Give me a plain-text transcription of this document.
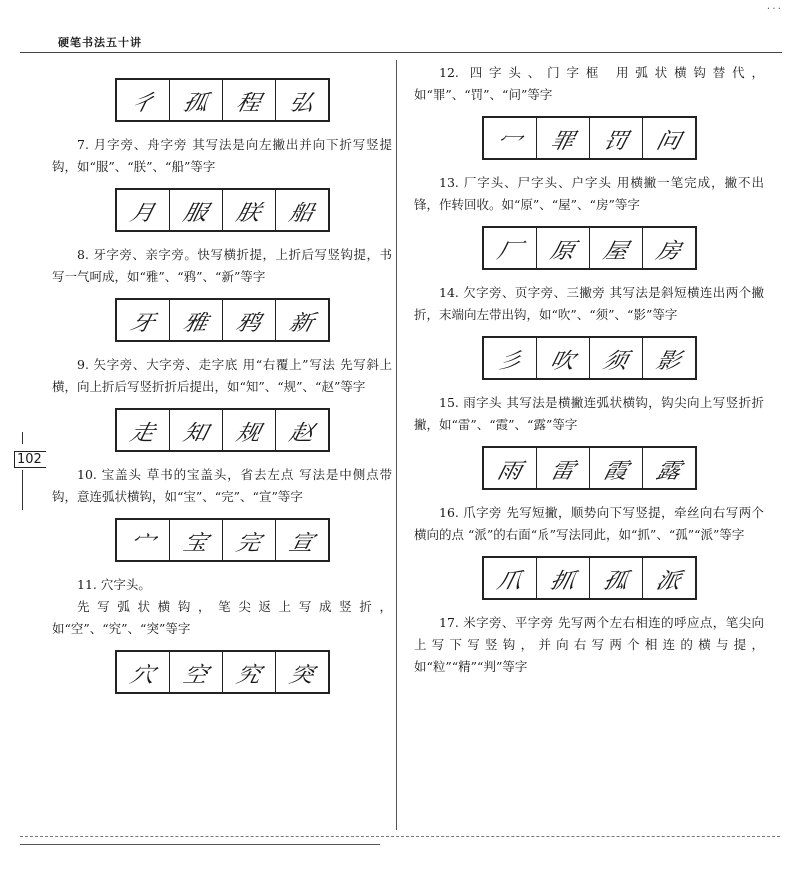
...
硬笔书法五十讲
102
彳 孤 程 弘

7. 月字旁、舟字旁 其写法是向左撇出并向下折写竖提钩，如“服”、“朕”、“船”等字

月 服 朕 船

8. 牙字旁、亲字旁。快写横折提，上折后写竖钩提，书写一气呵成，如“雅”、“鸦”、“新”等字

牙 雅 鸦 新

9. 矢字旁、大字旁、走字底 用“右覆上”写法 先写斜上横，向上折后写竖折折后提出，如“知”、“规”、“赵”等字

走 知 规 赵

10. 宝盖头 草书的宝盖头，省去左点 写法是中侧点带钩，意连弧状横钩，如“宝”、“完”、“宣”等字

宀 宝 完 宣

11. 穴字头。

先写弧状横钩，笔尖返上写成竖折，如“空”、“究”、“突”等字

穴 空 究 突

12. 四字头、门字框 用弧状横钩替代，如“罪”、“罚”、“问”等字

冖 罪 罚 问

13. 厂字头、尸字头、户字头 用横撇一笔完成，撇不出锋，作转回收。如“原”、“屋”、“房”等字

厂 原 屋 房

14. 欠字旁、页字旁、三撇旁 其写法是斜短横连出两个撇折，末端向左带出钩，如“吹”、“须”、“影”等字

彡 吹 须 影

15. 雨字头 其写法是横撇连弧状横钩，钩尖向上写竖折折撇，如“雷”、“霞”、“露”等字

雨 雷 霞 露

16. 爪字旁 先写短撇，顺势向下写竖提，牵丝向右写两个横向的点 “派”的右面“𠂢”写法同此，如“抓”、“孤”“派”等字

爪 抓 孤 派

17. 米字旁、平字旁 先写两个左右相连的呼应点，笔尖向上写下写竖钩，并向右写两个相连的横与提，如“粒”“精”“判”等字
